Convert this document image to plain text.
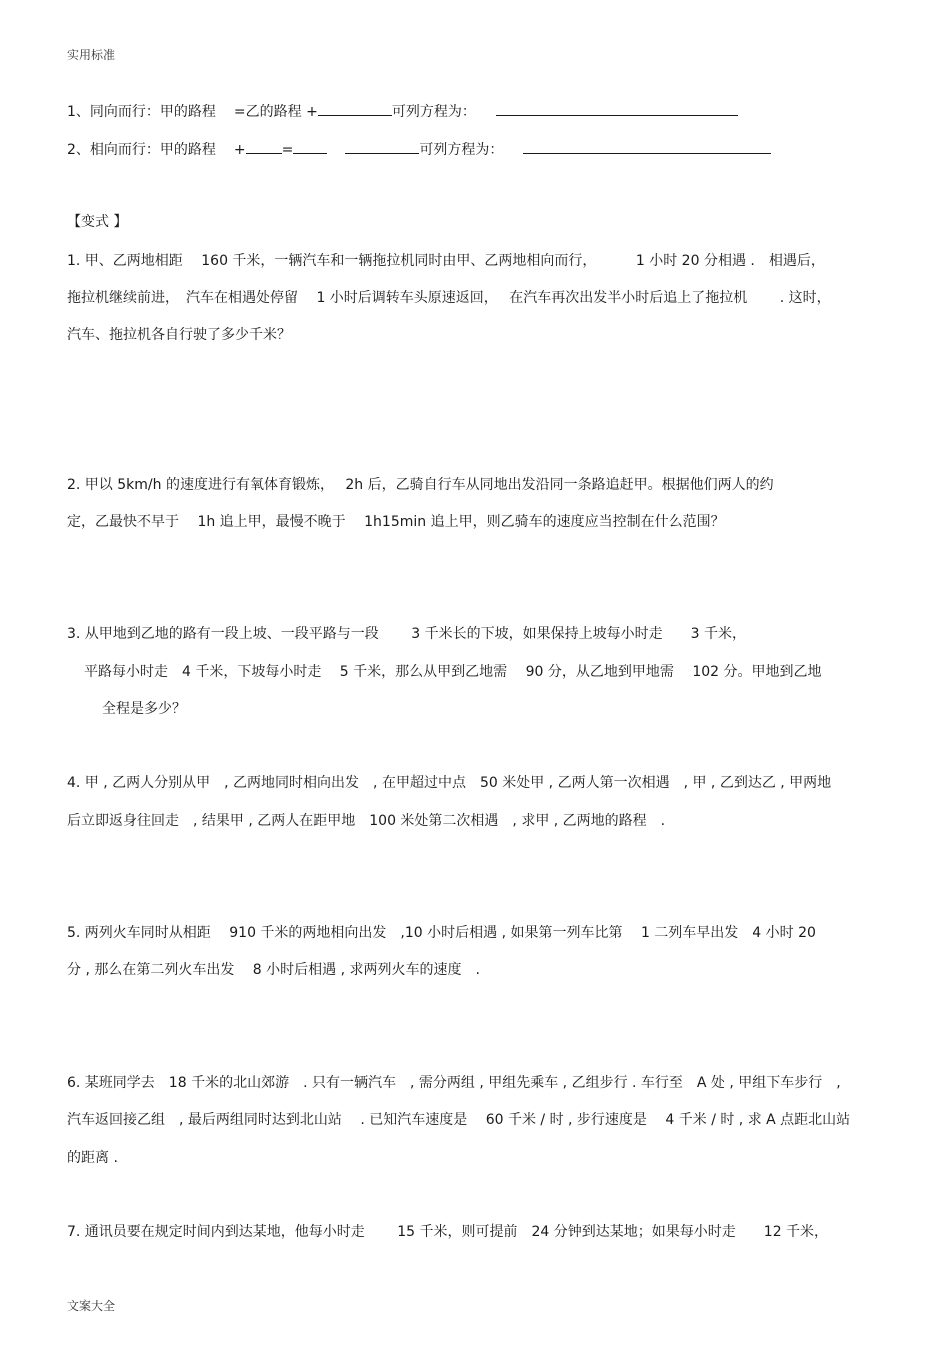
实用标准
1、同向而行：甲的路程 =乙的路程 +	可列方程为：
2、相向而行：甲的路程 +	=	可列方程为：
【变式 】
1. 甲、乙两地相距　 160 千米，一辆汽车和一辆拖拉机同时由甲、乙两地相向而行，　　　 1 小时 20 分相遇 .　相遇后，
拖拉机继续前进，　汽车在相遇处停留　 1 小时后调转车头原速返回，　 在汽车再次出发半小时后追上了拖拉机　　 . 这时，
汽车、拖拉机各自行驶了多少千米？
2. 甲以 5km/h 的速度进行有氧体育锻炼，　 2h 后，乙骑自行车从同地出发沿同一条路追赶甲。根据他们两人的约
定，乙最快不早于　 1h 追上甲，最慢不晚于　 1h15min 追上甲，则乙骑车的速度应当控制在什么范围？
3. 从甲地到乙地的路有一段上坡、一段平路与一段　　 3 千米长的下坡，如果保持上坡每小时走　　3 千米，
平路每小时走　4 千米，下坡每小时走　 5 千米，那么从甲到乙地需　 90 分，从乙地到甲地需　 102 分。甲地到乙地
全程是多少？
4. 甲 , 乙两人分别从甲　, 乙两地同时相向出发　, 在甲超过中点　50 米处甲 , 乙两人第一次相遇　, 甲 , 乙到达乙 , 甲两地
后立即返身往回走　, 结果甲 , 乙两人在距甲地　100 米处第二次相遇　, 求甲 , 乙两地的路程　.
5. 两列火车同时从相距　 910 千米的两地相向出发　,10 小时后相遇 , 如果第一列车比第　 1 二列车早出发　4 小时 20
分 , 那么在第二列火车出发　 8 小时后相遇 , 求两列火车的速度　.
6. 某班同学去　18 千米的北山郊游　. 只有一辆汽车　, 需分两组 , 甲组先乘车 , 乙组步行 . 车行至　A 处 , 甲组下车步行　,
汽车返回接乙组　, 最后两组同时达到北山站　 . 已知汽车速度是　 60 千米 / 时 , 步行速度是　 4 千米 / 时 , 求 A 点距北山站
的距离 .
7. 通讯员要在规定时间内到达某地，他每小时走　　 15 千米，则可提前　24 分钟到达某地；如果每小时走　　12 千米，
文案大全
